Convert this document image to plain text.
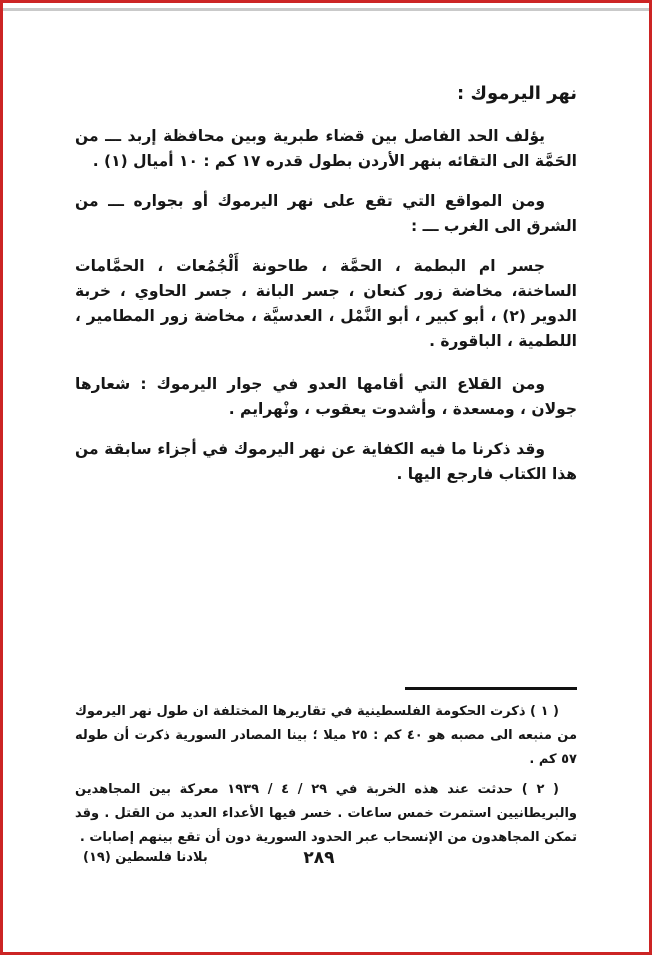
نهر اليرموك :

يؤلف الحد الفاصل بين قضاء طبرية وبين محافظة إربد ـــ من الحَمَّة الى التقائه بنهر الأردن بطول قدره ١٧ كم : ١٠ أميال (١) .

ومن المواقع التي تقع على نهر اليرموك أو بجواره ـــ من الشرق الى الغرب ـــ :

جسر ام البطمة ، الحمَّة ، طاحونة أَلْجُمُعات ، الحمَّامات الساخنة، مخاضة زور كنعان ، جسر البانة ، جسر الحاوي ، خربة الدوير (٢) ، أبو كبير ، أبو النَّمْل ، العدسيَّة ، مخاضة زور المطامير ، اللطمية ، الباقورة .

ومن القلاع التي أقامها العدو في جوار اليرموك : شعارها جولان ، ومسعدة ، وأشدوت يعقوب ، ونْهرايم .

وقد ذكرنا ما فيه الكفاية عن نهر اليرموك في أجزاء سابقة من هذا الكتاب فارجع اليها .

( ١ ) ذكرت الحكومة الفلسطينية في تقاريرها المختلفة ان طول نهر اليرموك من منبعه الى مصبه هو ٤٠ كم : ٢٥ ميلا ؛ بينا المصادر السورية ذكرت أن طوله ٥٧ كم .

( ٢ ) حدثت عند هذه الخربة في ٢٩ / ٤ / ١٩٣٩ معركة بين المجاهدين والبريطانيين استمرت خمس ساعات . خسر فيها الأعداء العديد من القتل . وقد تمكن المجاهدون من الإنسحاب عبر الحدود السورية دون أن تقع بينهم إصابات .

بلادنا فلسطين (١٩)	٢٨٩
